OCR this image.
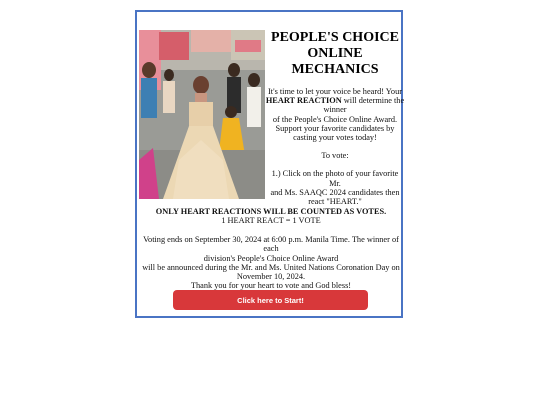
PEOPLE'S CHOICE
ONLINE
MECHANICS

It's time to let your voice be heard! Your
HEART REACTION will determine the
winner
of the People's Choice Online Award.
Support your favorite candidates by
casting your votes today!

To vote:

1.) Click on the photo of your favorite Mr.
and Ms. SAAQC 2024 candidates then
react "HEART."

ONLY HEART REACTIONS WILL BE COUNTED AS VOTES.
1 HEART REACT = 1 VOTE
Voting ends on September 30, 2024 at 6:00 p.m. Manila Time. The winner of each
division's People's Choice Online Award
will be announced during the Mr. and Ms. United Nations Coronation Day on
November 10, 2024.
Thank you for your heart to vote and God bless!
Click here to Start!
